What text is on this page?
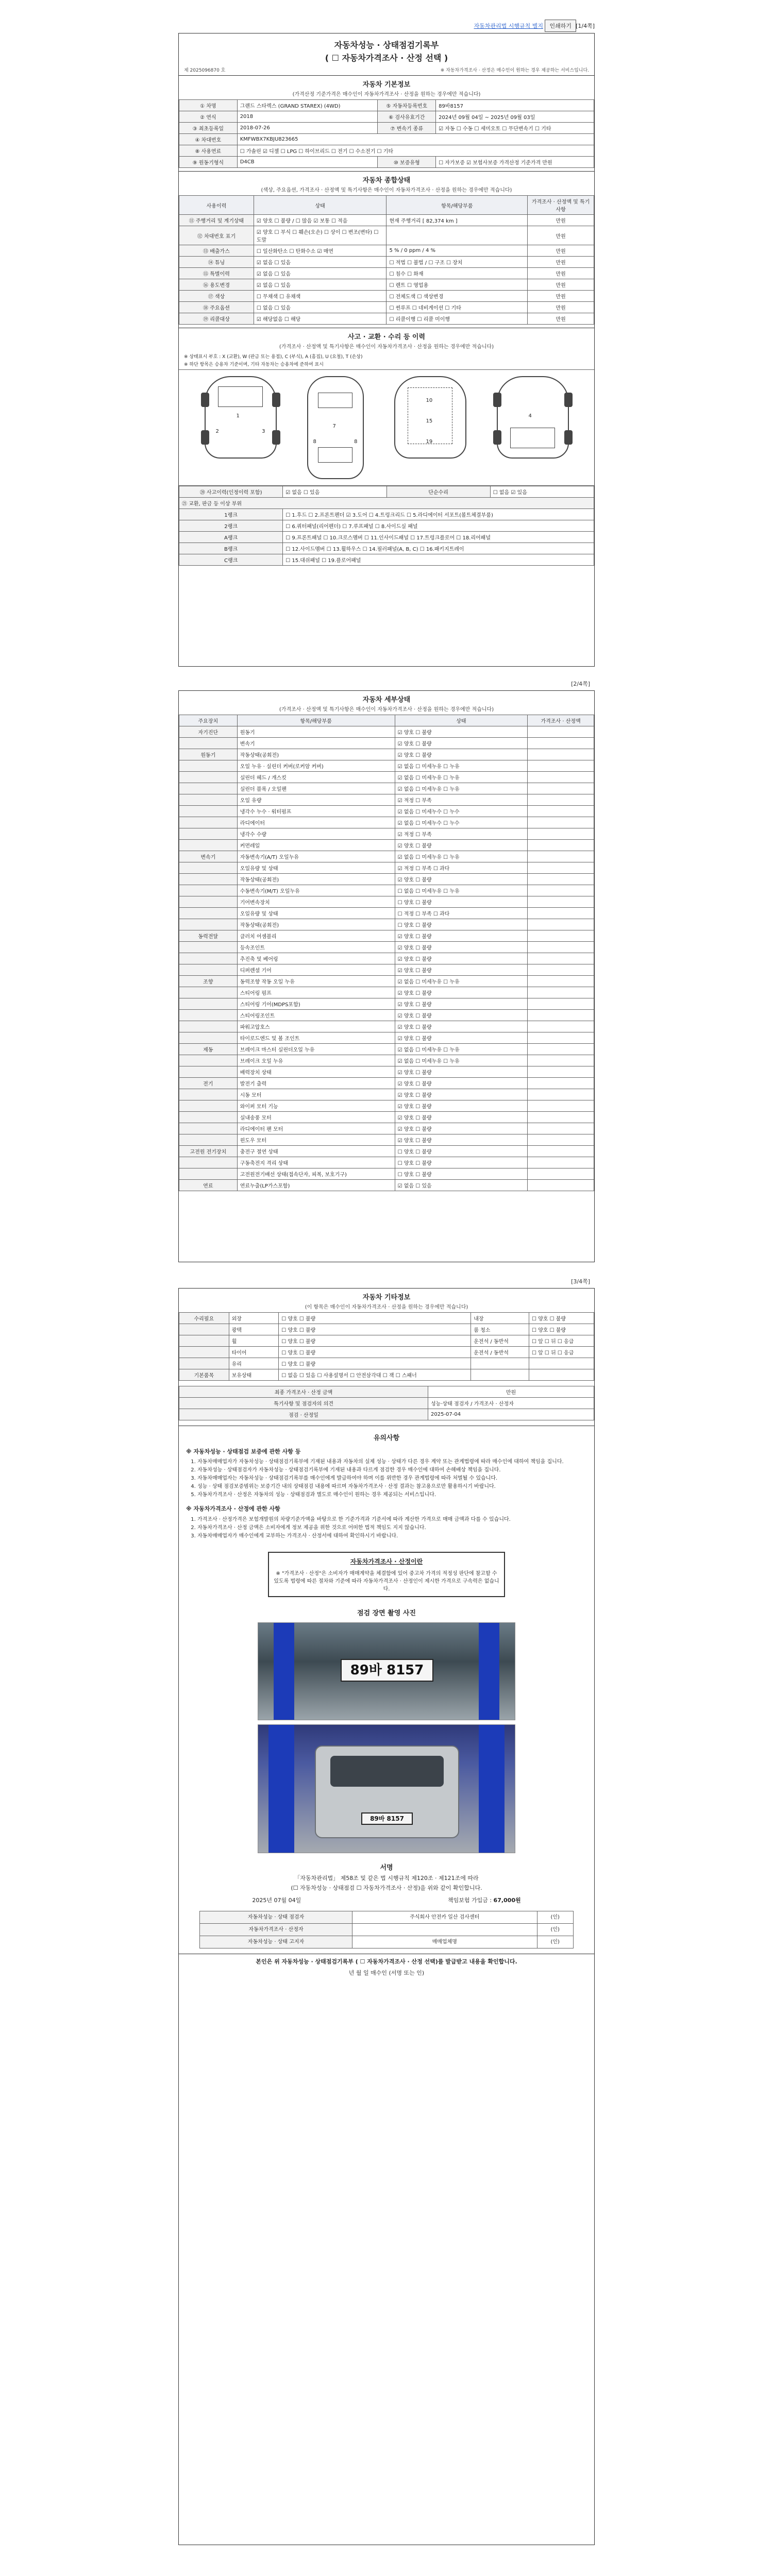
자동차관리법 시행규칙 별지	인쇄하기 [1/4쪽]
자동차성능 · 상태점검기록부
( ☐ 자동차가격조사 · 산정 선택 )
제 2025096870 호	※ 자동차가격조사 · 산정은 매수인이 원하는 경우 제공하는 서비스입니다.
자동차 기본정보
(가격산정 기준가격은 매수인이 자동차가격조사 · 산정을 원하는 경우에만 적습니다)
① 차명	그랜드 스타렉스 (GRAND STAREX) (4WD)	⑤ 자동차등록번호	89바8157
② 연식	2018	⑥ 검사유효기간	2024년 09월 04일 ~ 2025년 09월 03일
③ 최초등록일	2018-07-26	⑦ 변속기 종류	☑ 자동 ☐ 수동 ☐ 세미오토 ☐ 무단변속기 ☐ 기타
④ 차대번호	KMFWBX7KBJU823665		
⑧ 사용연료	☐ 가솔린 ☑ 디젤 ☐ LPG ☐ 하이브리드 ☐ 전기 ☐ 수소전기 ☐ 기타		
⑨ 원동기형식	D4CB	⑩ 보증유형	☐ 자가보증 ☑ 보험사보증 가격산정 기준가격 만원
자동차 종합상태
(색상, 주요옵션, 가격조사 · 산정액 및 특기사항은 매수인이 자동차가격조사 · 산정을 원하는 경우에만 적습니다)
사용이력	상태	항목/해당부품	가격조사 · 산정액 및 특기사항
⑪ 주행거리 및 계기상태	☑ 양호 ☐ 불량 / ☐ 많음 ☑ 보통 ☐ 적음	현재 주행거리 [ 82,374 km ]	만원
⑫ 차대번호 표기	☑ 양호 ☐ 부식 ☐ 훼손(오손) ☐ 상이 ☐ 변조(변타) ☐ 도말		만원
⑬ 배출가스	☐ 일산화탄소 ☐ 탄화수소 ☑ 매연	5 % / 0 ppm / 4 %	만원
⑭ 튜닝	☑ 없음 ☐ 있음	☐ 적법 ☐ 불법 / ☐ 구조 ☐ 장치	만원
⑮ 특별이력	☑ 없음 ☐ 있음	☐ 침수 ☐ 화재	만원
⑯ 용도변경	☑ 없음 ☐ 있음	☐ 렌트 ☐ 영업용	만원
⑰ 색상	☐ 무채색 ☐ 유채색	☐ 전체도색 ☐ 색상변경	만원
⑱ 주요옵션	☐ 없음 ☐ 있음	☐ 썬루프 ☐ 네비게이션 ☐ 기타	만원
⑲ 리콜대상	☑ 해당없음 ☐ 해당	☐ 리콜이행 ☐ 리콜 미이행	만원
사고 · 교환 · 수리 등 이력
(가격조사 · 산정액 및 특기사항은 매수인이 자동차가격조사 · 산정을 원하는 경우에만 적습니다)
※ 상태표시 부호 : X (교환), W (판금 또는 용접), C (부식), A (흠집), U (요철), T (손상)
※ 하단 항목은 승용차 기준이며, 기타 자동차는 승용차에 준하여 표시
1
2	3
7
8	8
10
15
19
4
⑳ 사고이력(인정이력 포함)	☑ 없음 ☐ 있음	단순수리	☐ 없음 ☑ 있음
㉑ 교환, 판금 등 이상 부위			
1랭크	☐ 1.후드 ☐ 2.프론트펜더 ☑ 3.도어 ☐ 4.트렁크리드 ☐ 5.라디에이터 서포트(볼트체결부품)		
2랭크	☐ 6.쿼터패널(리어펜더) ☐ 7.루프패널 ☐ 8.사이드실 패널		
A랭크	☐ 9.프론트패널 ☐ 10.크로스멤버 ☐ 11.인사이드패널 ☐ 17.트렁크플로어 ☐ 18.리어패널		
B랭크	☐ 12.사이드멤버 ☐ 13.휠하우스 ☐ 14.필러패널(A, B, C) ☐ 16.패키지트레이		
C랭크	☐ 15.대쉬패널 ☐ 19.플로어패널		
[2/4쪽]
자동차 세부상태
(가격조사 · 산정액 및 특기사항은 매수인이 자동차가격조사 · 산정을 원하는 경우에만 적습니다)
주요장치	항목/해당부품	상태	가격조사 · 산정액
자기진단	원동기	☑ 양호 ☐ 불량	
	변속기	☑ 양호 ☐ 불량	
원동기	작동상태(공회전)	☑ 양호 ☐ 불량	
	오일 누유 · 실린더 커버(로커암 커버)	☑ 없음 ☐ 미세누유 ☐ 누유	
	실린더 헤드 / 개스킷	☑ 없음 ☐ 미세누유 ☐ 누유	
	실린더 블록 / 오일팬	☑ 없음 ☐ 미세누유 ☐ 누유	
	오일 유량	☑ 적정 ☐ 부족	
	냉각수 누수 · 워터펌프	☑ 없음 ☐ 미세누수 ☐ 누수	
	라디에이터	☑ 없음 ☐ 미세누수 ☐ 누수	
	냉각수 수량	☑ 적정 ☐ 부족	
	커먼레일	☑ 양호 ☐ 불량	
변속기	자동변속기(A/T) 오일누유	☑ 없음 ☐ 미세누유 ☐ 누유	
	오일유량 및 상태	☑ 적정 ☐ 부족 ☐ 과다	
	작동상태(공회전)	☑ 양호 ☐ 불량	
	수동변속기(M/T) 오일누유	☐ 없음 ☐ 미세누유 ☐ 누유	
	기어변속장치	☐ 양호 ☐ 불량	
	오일유량 및 상태	☐ 적정 ☐ 부족 ☐ 과다	
	작동상태(공회전)	☐ 양호 ☐ 불량	
동력전달	클러치 어셈블리	☑ 양호 ☐ 불량	
	등속조인트	☑ 양호 ☐ 불량	
	추진축 및 베어링	☑ 양호 ☐ 불량	
	디퍼렌셜 기어	☑ 양호 ☐ 불량	
조향	동력조향 작동 오일 누유	☑ 없음 ☐ 미세누유 ☐ 누유	
	스티어링 펌프	☑ 양호 ☐ 불량	
	스티어링 기어(MDPS포함)	☑ 양호 ☐ 불량	
	스티어링조인트	☑ 양호 ☐ 불량	
	파워고압호스	☑ 양호 ☐ 불량	
	타이로드엔드 및 볼 조인트	☑ 양호 ☐ 불량	
제동	브레이크 마스터 실린더오일 누유	☑ 없음 ☐ 미세누유 ☐ 누유	
	브레이크 오일 누유	☑ 없음 ☐ 미세누유 ☐ 누유	
	배력장치 상태	☑ 양호 ☐ 불량	
전기	발전기 출력	☑ 양호 ☐ 불량	
	시동 모터	☑ 양호 ☐ 불량	
	와이퍼 모터 기능	☑ 양호 ☐ 불량	
	실내송풍 모터	☑ 양호 ☐ 불량	
	라디에이터 팬 모터	☑ 양호 ☐ 불량	
	윈도우 모터	☑ 양호 ☐ 불량	
고전원 전기장치	충전구 절연 상태	☐ 양호 ☐ 불량	
	구동축전지 격리 상태	☐ 양호 ☐ 불량	
	고전원전기배선 상태(접속단자, 피복, 보호기구)	☐ 양호 ☐ 불량	
연료	연료누출(LP가스포함)	☑ 없음 ☐ 있음	
[3/4쪽]
자동차 기타정보
(이 항목은 매수인이 자동차가격조사 · 산정을 원하는 경우에만 적습니다)
수리필요	외장	☐ 양호 ☐ 불량	내장	☐ 양호 ☐ 불량
	광택	☐ 양호 ☐ 불량	룸 청소	☐ 양호 ☐ 불량
	휠	☐ 양호 ☐ 불량	운전석 / 동반석	☐ 앞 ☐ 뒤 ☐ 응급
	타이어	☐ 양호 ☐ 불량	운전석 / 동반석	☐ 앞 ☐ 뒤 ☐ 응급
	유리	☐ 양호 ☐ 불량		
기본품목	보유상태	☐ 없음 ☐ 있음 ☐ 사용설명서 ☐ 안전삼각대 ☐ 잭 ☐ 스패너		
최종 가격조사 · 산정 금액	만원
특기사항 및 점검자의 의견	성능·상태 점검자 / 가격조사 · 산정자
점검 · 산정일	2025-07-04
유의사항
※ 자동차성능 · 상태점검 보증에 관한 사항 등
1. 자동차매매업자가 자동차성능 · 상태점검기록부에 기재된 내용과 자동차의 실제 성능 · 상태가 다른 경우 계약 또는 관계법령에 따라 매수인에 대하여 책임을 집니다.
2. 자동차성능 · 상태점검자가 자동차성능 · 상태점검기록부에 기재된 내용과 다르게 점검한 경우 매수인에 대하여 손해배상 책임을 집니다.
3. 자동차매매업자는 자동차성능 · 상태점검기록부를 매수인에게 발급하여야 하며 이를 위반한 경우 관계법령에 따라 처벌될 수 있습니다.
4. 성능 · 상태 점검보증범위는 보증기간 내의 상태점검 내용에 따르며 자동차가격조사 · 산정 결과는 참고용으로만 활용하시기 바랍니다.
5. 자동차가격조사 · 산정은 자동차의 성능 · 상태점검과 별도로 매수인이 원하는 경우 제공되는 서비스입니다.
※ 자동차가격조사 · 산정에 관한 사항
1. 가격조사 · 산정가격은 보험개발원의 차량기준가액을 바탕으로 한 기준가격과 기준서에 따라 계산한 가격으로 매매 금액과 다를 수 있습니다.
2. 자동차가격조사 · 산정 금액은 소비자에게 정보 제공을 위한 것으로 어떠한 법적 책임도 지지 않습니다.
3. 자동차매매업자가 매수인에게 교부하는 가격조사 · 산정서에 대하여 확인하시기 바랍니다.
자동차가격조사 · 산정이란
※ "가격조사 · 산정"은 소비자가 매매계약을 체결함에 있어 중고차 가격의 적정성 판단에 참고할 수 있도록 법령에 따른 절차와 기준에 따라 자동차가격조사 · 산정인이 제시한 가격으로 구속력은 없습니다.
점검 장면 촬영 사진
89바 8157
89바 8157
서명
「자동차관리법」 제58조 및 같은 법 시행규칙 제120조 · 제121조에 따라
(☐ 자동차성능 · 상태점검 ☐ 자동차가격조사 · 산정)을 위와 같이 확인합니다.
2025년 07월 04일	책임보험 가입금 : 67,000원
자동차성능 · 상태 점검자	주식회사 안전카 일산 검사센터	(인)
자동차가격조사 · 산정자		(인)
자동차성능 · 상태 고지자	매매업체명	(인)
본인은 위 자동차성능 · 상태점검기록부 ( ☐ 자동차가격조사 · 산정 선택)를 발급받고 내용을 확인합니다.
년 월 일 매수인 (서명 또는 인)
